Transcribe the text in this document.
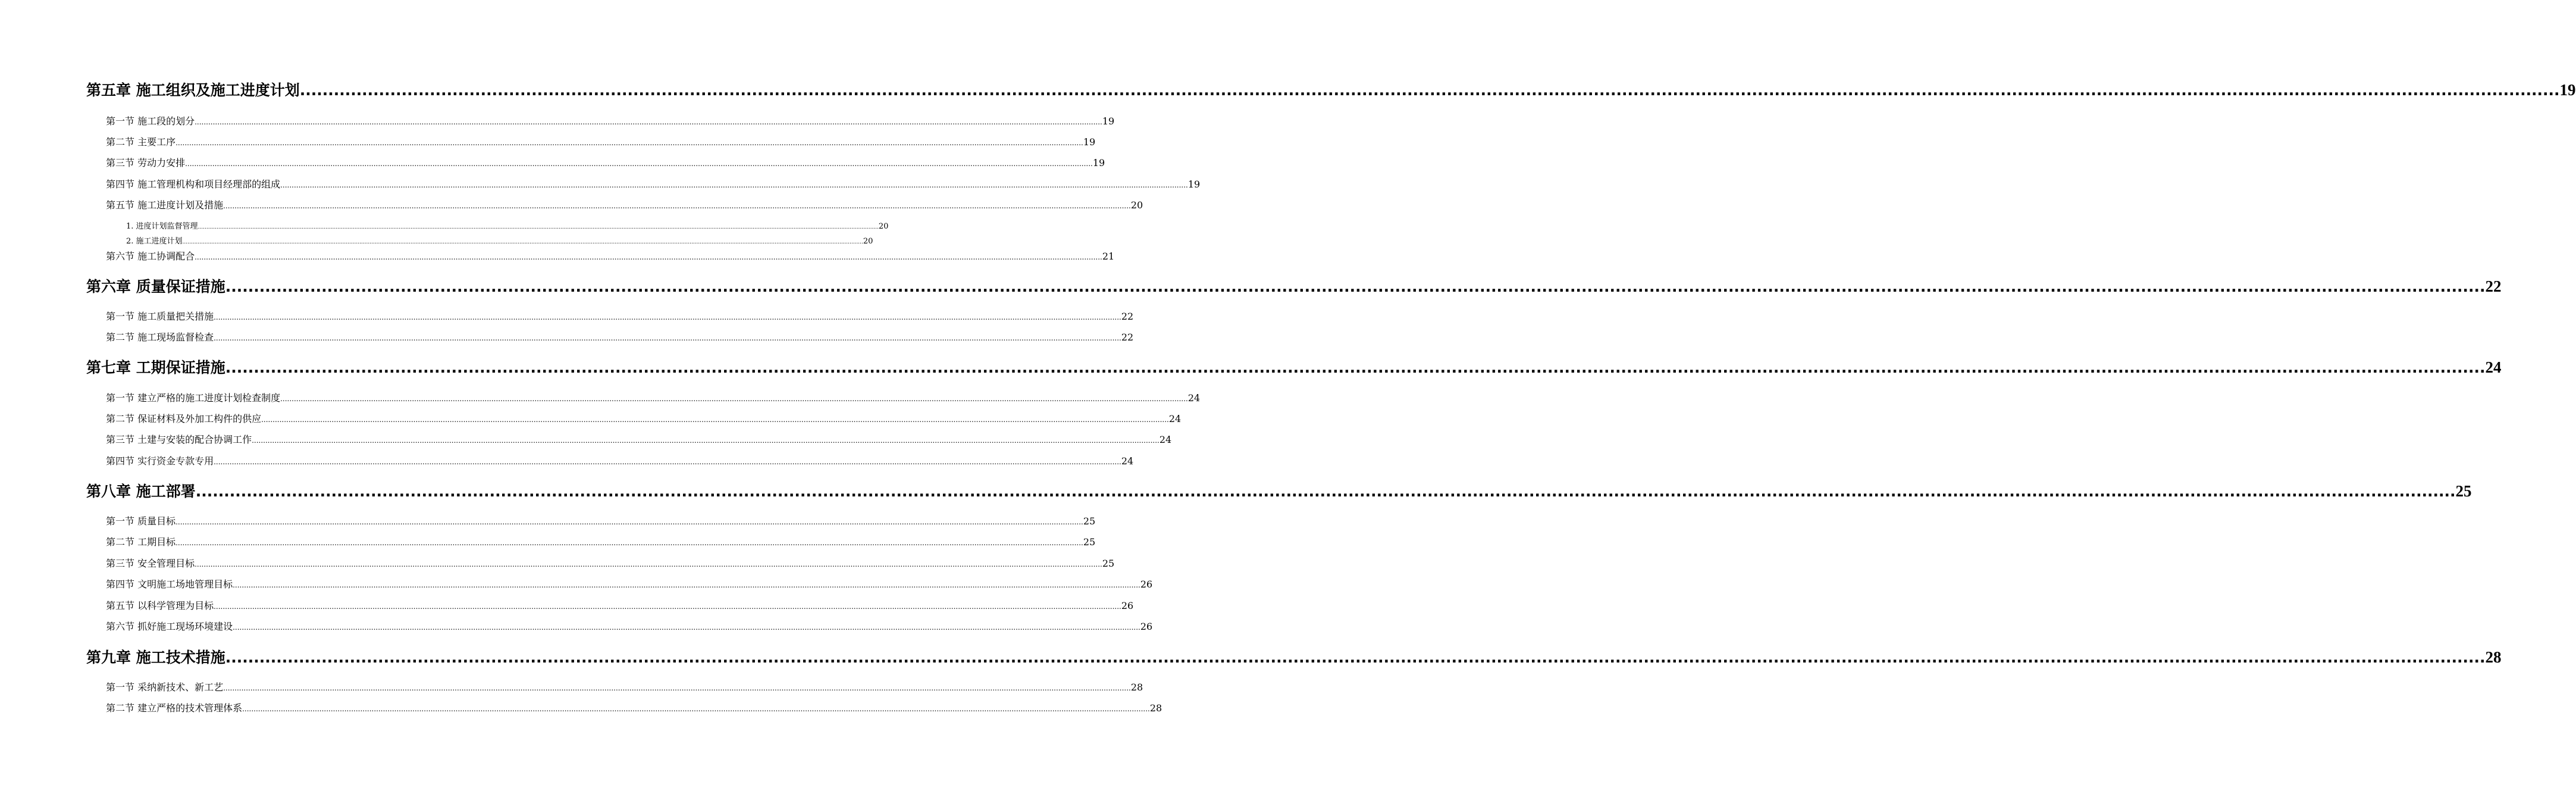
第五章 施工组织及施工进度计划 ................................................................................................................................................................................................................................................................................................................................................................................................................ 19
第一节 施工段的划分 ................................................................................................................................................................................................................................................................................................................................................................................................................ 19
第二节 主要工序 ................................................................................................................................................................................................................................................................................................................................................................................................................ 19
第三节 劳动力安排 ................................................................................................................................................................................................................................................................................................................................................................................................................ 19
第四节 施工管理机构和项目经理部的组成 ................................................................................................................................................................................................................................................................................................................................................................................................................ 19
第五节 施工进度计划及措施 ................................................................................................................................................................................................................................................................................................................................................................................................................ 20
1. 进度计划监督管理 ................................................................................................................................................................................................................................................................................................................................................................................................................ 20
2. 施工进度计划 ................................................................................................................................................................................................................................................................................................................................................................................................................ 20
第六节 施工协调配合 ................................................................................................................................................................................................................................................................................................................................................................................................................ 21
第六章 质量保证措施 ................................................................................................................................................................................................................................................................................................................................................................................................................ 22
第一节 施工质量把关措施 ................................................................................................................................................................................................................................................................................................................................................................................................................ 22
第二节 施工现场监督检查 ................................................................................................................................................................................................................................................................................................................................................................................................................ 22
第七章 工期保证措施 ................................................................................................................................................................................................................................................................................................................................................................................................................ 24
第一节 建立严格的施工进度计划检查制度 ................................................................................................................................................................................................................................................................................................................................................................................................................ 24
第二节 保证材料及外加工构件的供应 ................................................................................................................................................................................................................................................................................................................................................................................................................ 24
第三节 土建与安装的配合协调工作 ................................................................................................................................................................................................................................................................................................................................................................................................................ 24
第四节 实行资金专款专用 ................................................................................................................................................................................................................................................................................................................................................................................................................ 24
第八章 施工部署 ................................................................................................................................................................................................................................................................................................................................................................................................................ 25
第一节 质量目标 ................................................................................................................................................................................................................................................................................................................................................................................................................ 25
第二节 工期目标 ................................................................................................................................................................................................................................................................................................................................................................................................................ 25
第三节 安全管理目标 ................................................................................................................................................................................................................................................................................................................................................................................................................ 25
第四节 文明施工场地管理目标 ................................................................................................................................................................................................................................................................................................................................................................................................................ 26
第五节 以科学管理为目标 ................................................................................................................................................................................................................................................................................................................................................................................................................ 26
第六节 抓好施工现场环境建设 ................................................................................................................................................................................................................................................................................................................................................................................................................ 26
第九章 施工技术措施 ................................................................................................................................................................................................................................................................................................................................................................................................................ 28
第一节 采纳新技术、新工艺 ................................................................................................................................................................................................................................................................................................................................................................................................................ 28
第二节 建立严格的技术管理体系 ................................................................................................................................................................................................................................................................................................................................................................................................................ 28
